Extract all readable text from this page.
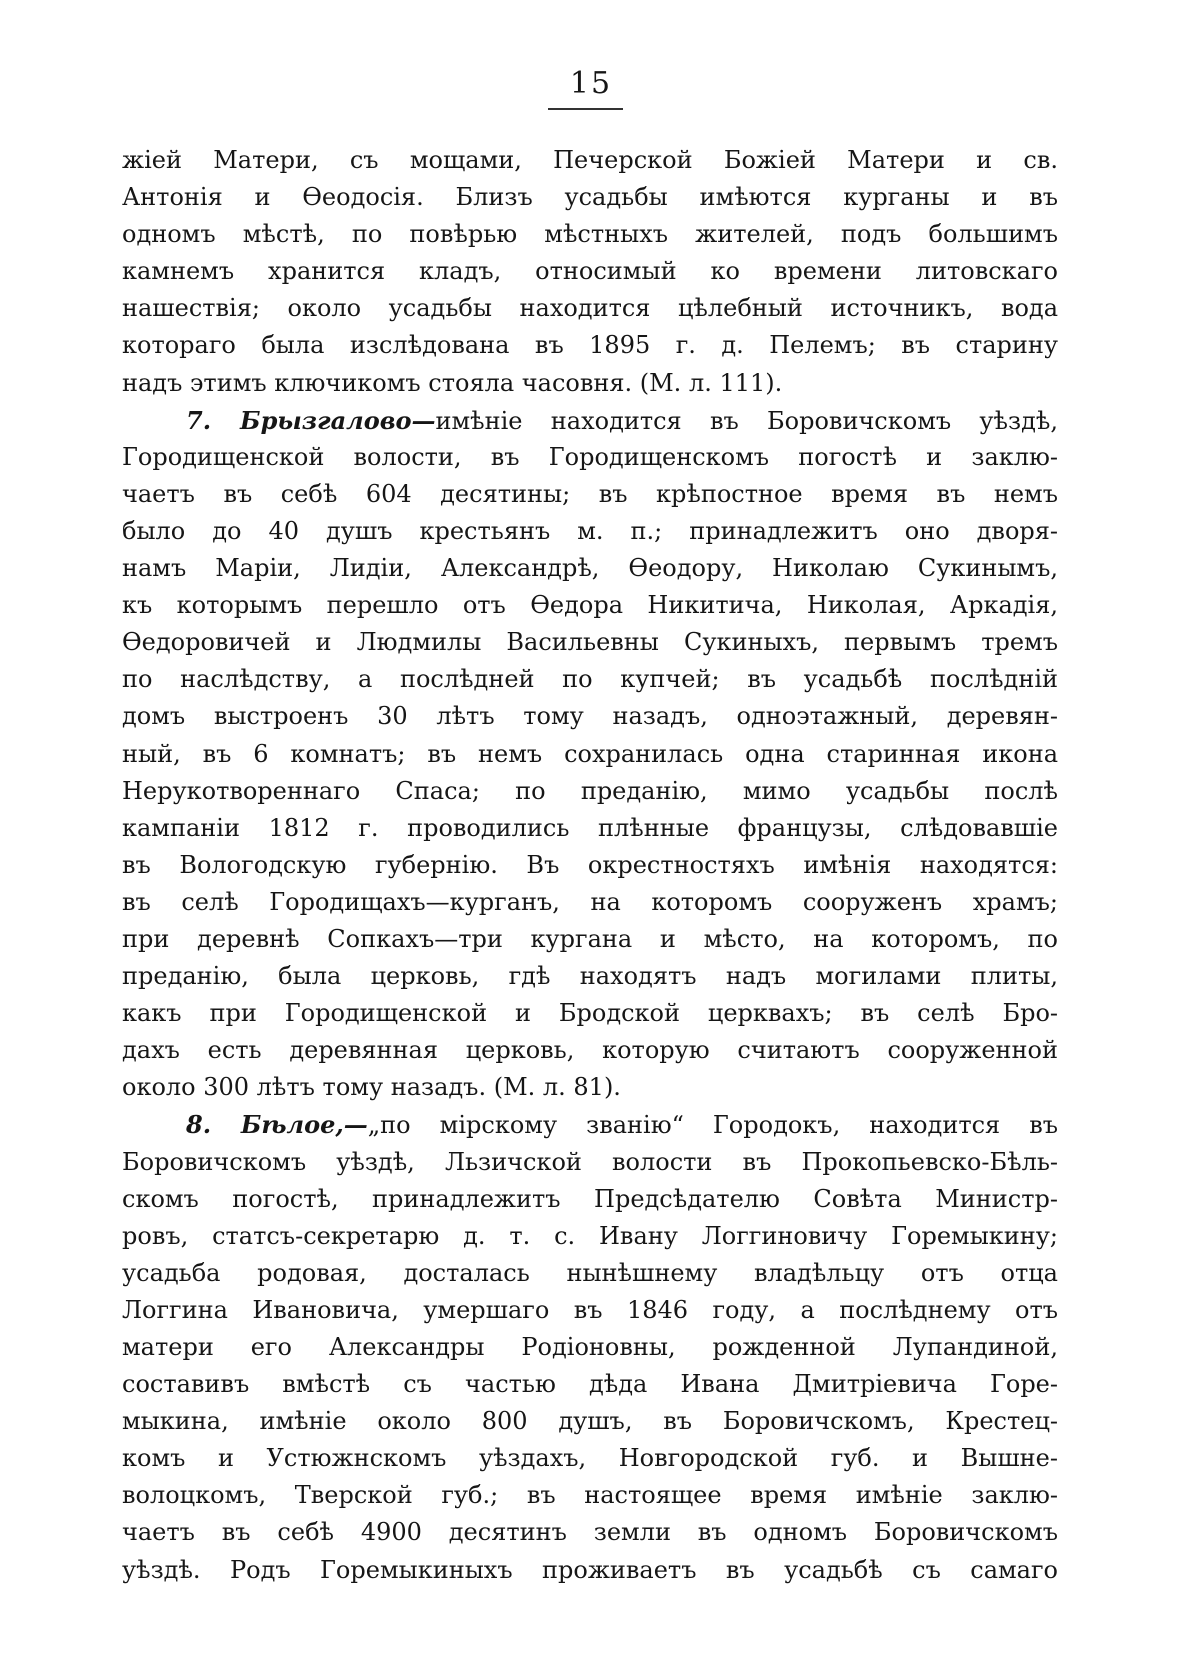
15
жіей Матери, съ мощами, Печерской Божіей Матери и св.
Антонія и Ѳеодосія. Близъ усадьбы имѣются курганы и въ
одномъ мѣстѣ, по повѣрью мѣстныхъ жителей, подъ большимъ
камнемъ хранится кладъ, относимый ко времени литовскаго
нашествія; около усадьбы находится цѣлебный источникъ, вода
котораго была изслѣдована въ 1895 г. д. Пелемъ; въ старину
надъ этимъ ключикомъ стояла часовня. (М. л. 111).
7. Брызгалово—имѣніе находится въ Боровичскомъ уѣздѣ,
Городищенской волости, въ Городищенскомъ погостѣ и заклю-
чаетъ въ себѣ 604 десятины; въ крѣпостное время въ немъ
было до 40 душъ крестьянъ м. п.; принадлежитъ оно дворя-
намъ Маріи, Лидіи, Александрѣ, Ѳеодору, Николаю Сукинымъ,
къ которымъ перешло отъ Ѳедора Никитича, Николая, Аркадія,
Ѳедоровичей и Людмилы Васильевны Сукиныхъ, первымъ тремъ
по наслѣдству, а послѣдней по купчей; въ усадьбѣ послѣдній
домъ выстроенъ 30 лѣтъ тому назадъ, одноэтажный, деревян-
ный, въ 6 комнатъ; въ немъ сохранилась одна старинная икона
Нерукотвореннаго Спаса; по преданію, мимо усадьбы послѣ
кампаніи 1812 г. проводились плѣнные французы, слѣдовавшіе
въ Вологодскую губернію. Въ окрестностяхъ имѣнія находятся:
въ селѣ Городищахъ—курганъ, на которомъ сооруженъ храмъ;
при деревнѣ Сопкахъ—три кургана и мѣсто, на которомъ, по
преданію, была церковь, гдѣ находятъ надъ могилами плиты,
какъ при Городищенской и Бродской церквахъ; въ селѣ Бро-
дахъ есть деревянная церковь, которую считаютъ сооруженной
около 300 лѣтъ тому назадъ. (М. л. 81).
8. Бѣлое,—„по мірскому званію“ Городокъ, находится въ
Боровичскомъ уѣздѣ, Льзичской волости въ Прокопьевско-Бѣль-
скомъ погостѣ, принадлежитъ Предсѣдателю Совѣта Министр-
ровъ, статсъ-секретарю д. т. с. Ивану Логгиновичу Горемыкину;
усадьба родовая, досталась нынѣшнему владѣльцу отъ отца
Логгина Ивановича, умершаго въ 1846 году, а послѣднему отъ
матери его Александры Родіоновны, рожденной Лупандиной,
составивъ вмѣстѣ съ частью дѣда Ивана Дмитріевича Горе-
мыкина, имѣніе около 800 душъ, въ Боровичскомъ, Крестец-
комъ и Устюжнскомъ уѣздахъ, Новгородской губ. и Вышне-
волоцкомъ, Тверской губ.; въ настоящее время имѣніе заклю-
чаетъ въ себѣ 4900 десятинъ земли въ одномъ Боровичскомъ
уѣздѣ. Родъ Горемыкиныхъ проживаетъ въ усадьбѣ съ самаго
